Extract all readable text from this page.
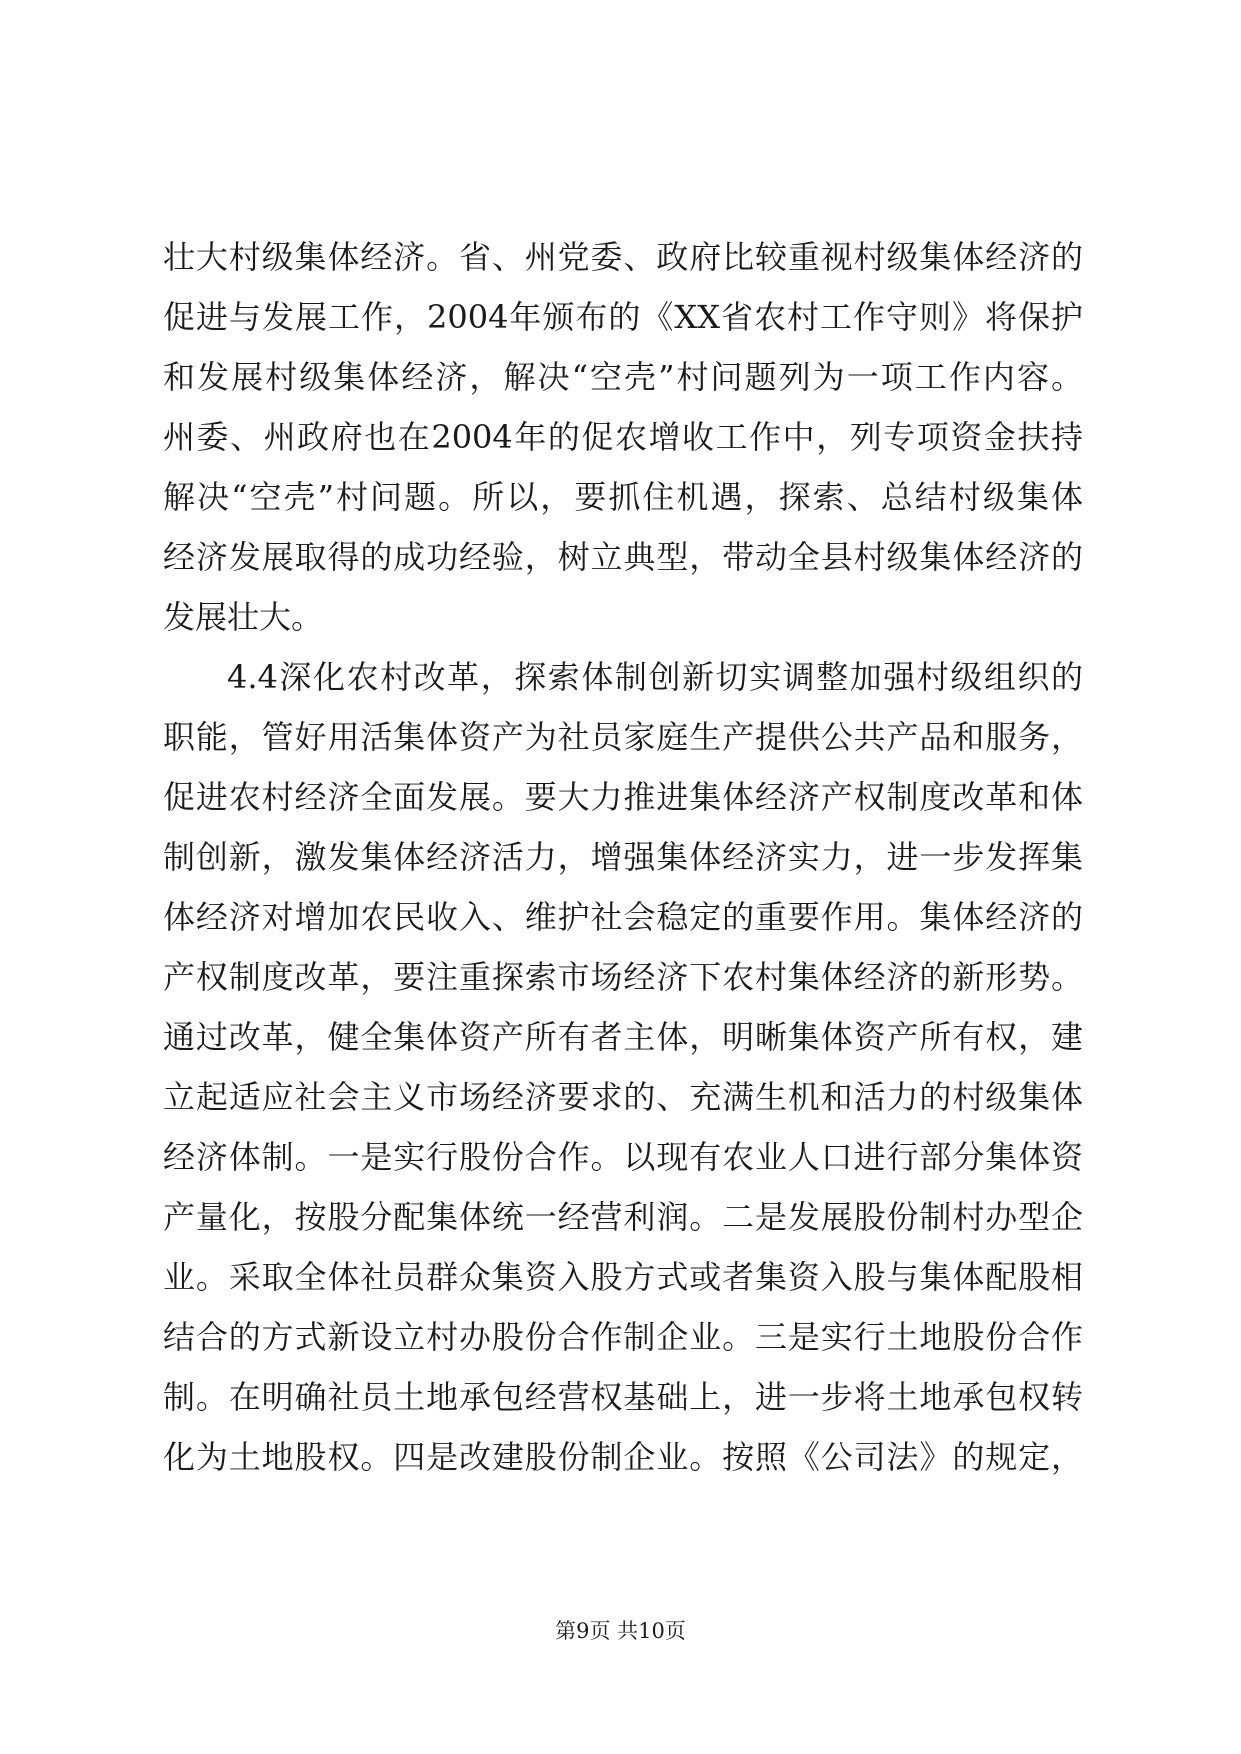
壮大村级集体经济。省、州党委、政府比较重视村级集体经济的
促进与发展工作，2004年颁布的《XX省农村工作守则》将保护
和发展村级集体经济，解决“空壳”村问题列为一项工作内容。
州委、州政府也在2004年的促农增收工作中，列专项资金扶持
解决“空壳”村问题。所以，要抓住机遇，探索、总结村级集体
经济发展取得的成功经验，树立典型，带动全县村级集体经济的
发展壮大。
4.4深化农村改革，探索体制创新切实调整加强村级组织的
职能，管好用活集体资产为社员家庭生产提供公共产品和服务，
促进农村经济全面发展。要大力推进集体经济产权制度改革和体
制创新，激发集体经济活力，增强集体经济实力，进一步发挥集
体经济对增加农民收入、维护社会稳定的重要作用。集体经济的
产权制度改革，要注重探索市场经济下农村集体经济的新形势。
通过改革，健全集体资产所有者主体，明晰集体资产所有权，建
立起适应社会主义市场经济要求的、充满生机和活力的村级集体
经济体制。一是实行股份合作。以现有农业人口进行部分集体资
产量化，按股分配集体统一经营利润。二是发展股份制村办型企
业。采取全体社员群众集资入股方式或者集资入股与集体配股相
结合的方式新设立村办股份合作制企业。三是实行土地股份合作
制。在明确社员土地承包经营权基础上，进一步将土地承包权转
化为土地股权。四是改建股份制企业。按照《公司法》的规定，
第9页 共10页
